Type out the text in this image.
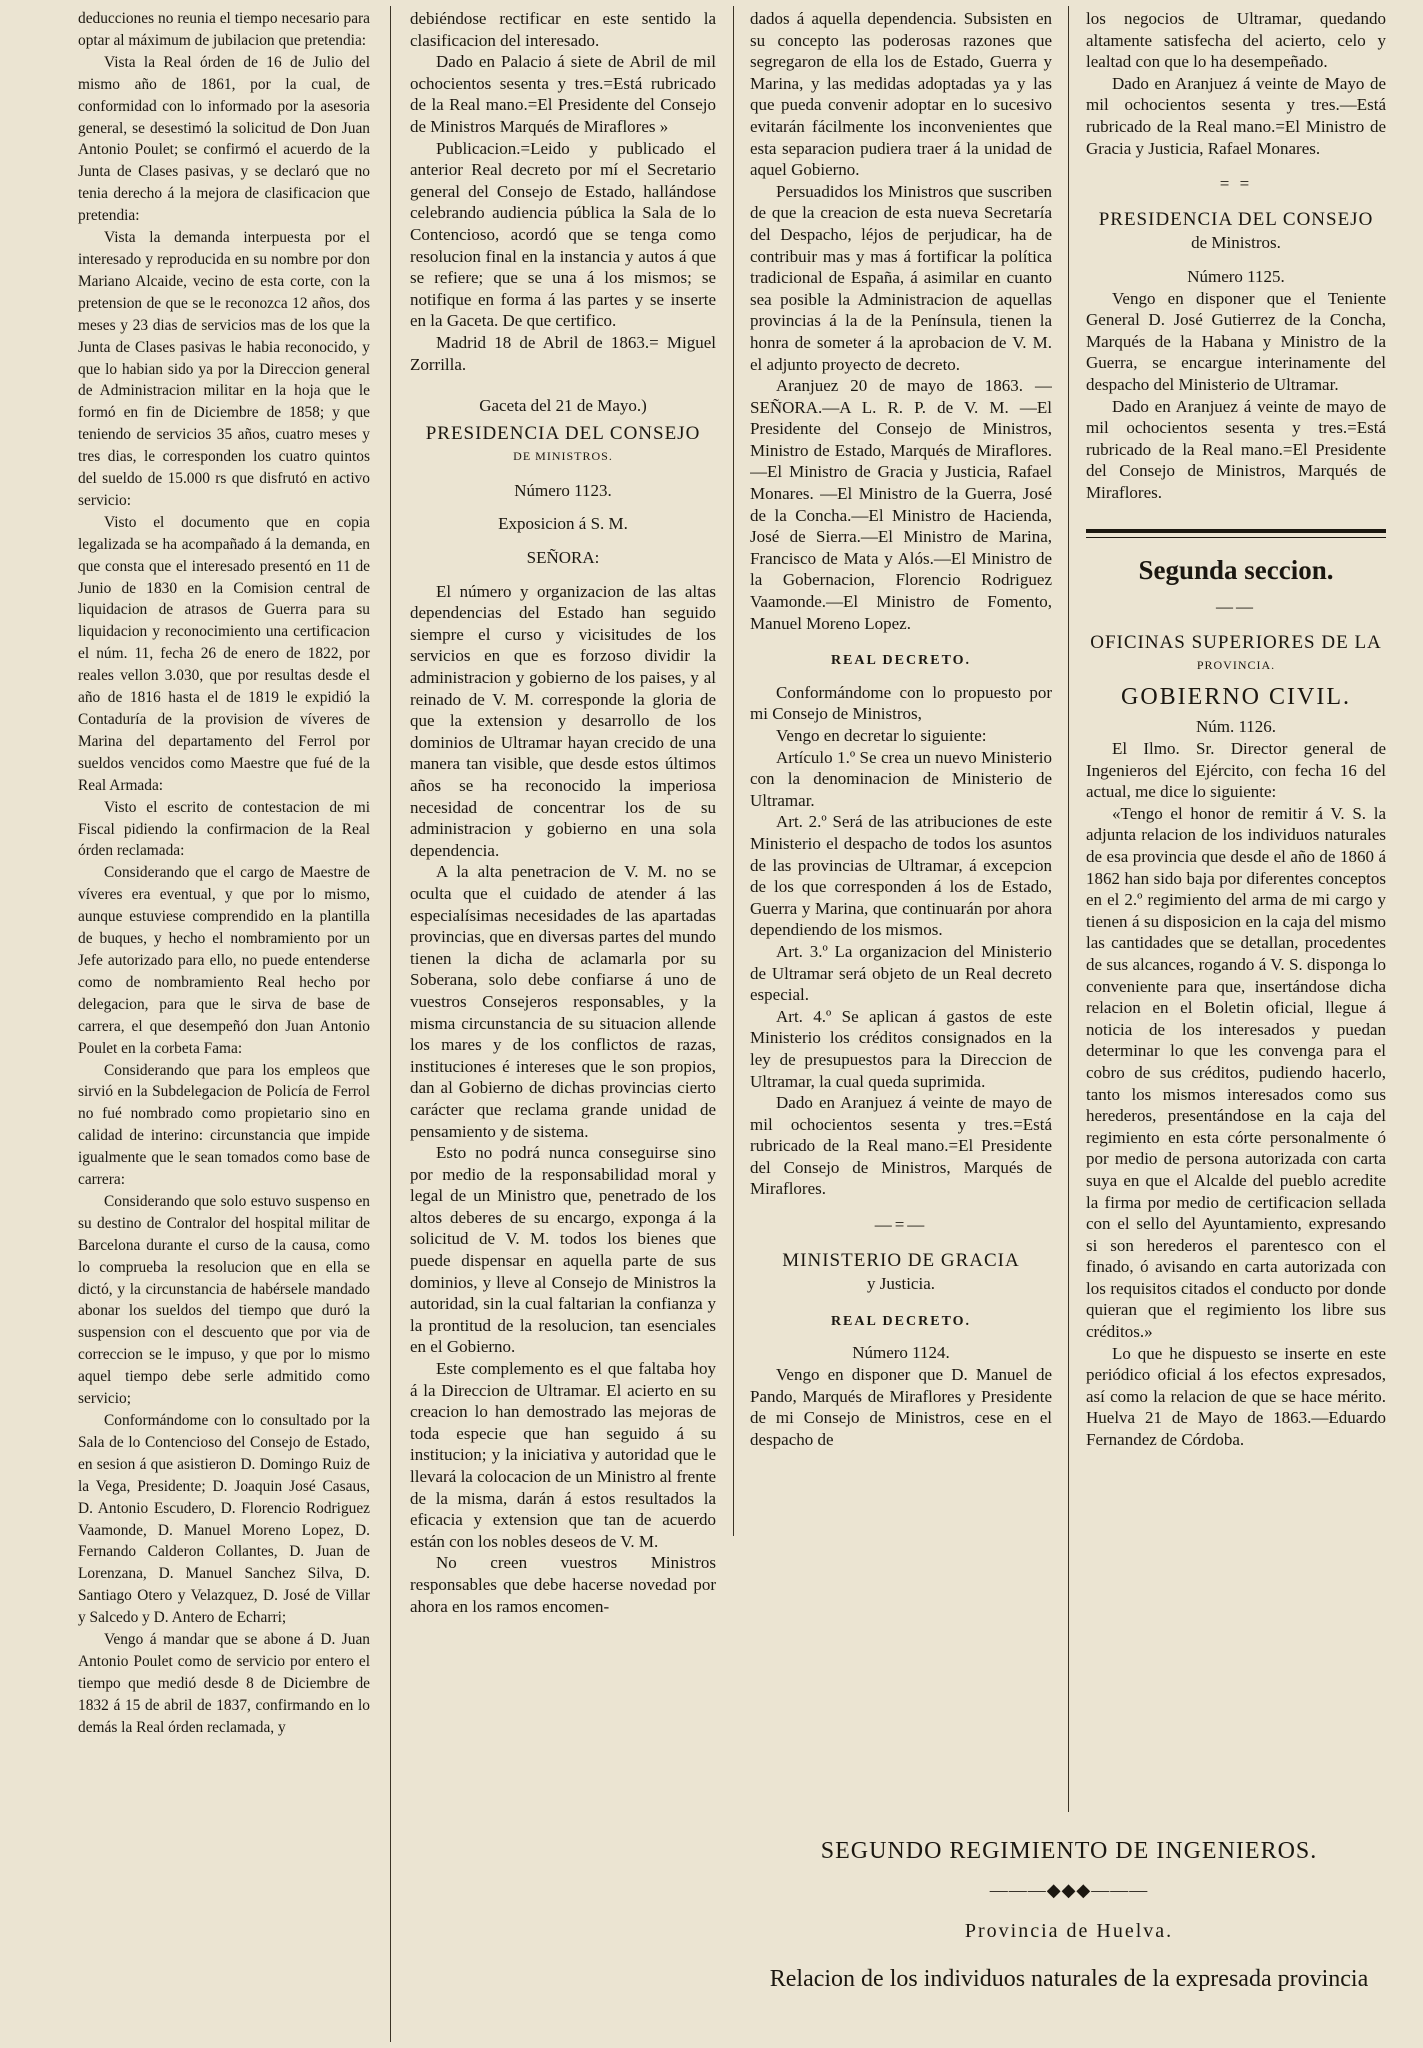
deducciones no reunia el tiempo necesario para optar al máximum de jubilacion que pretendia:

Vista la Real órden de 16 de Julio del mismo año de 1861, por la cual, de conformidad con lo informado por la asesoria general, se desestimó la solicitud de Don Juan Antonio Poulet; se confirmó el acuerdo de la Junta de Clases pasivas, y se declaró que no tenia derecho á la mejora de clasificacion que pretendia:

Vista la demanda interpuesta por el interesado y reproducida en su nombre por don Mariano Alcaide, vecino de esta corte, con la pretension de que se le reconozca 12 años, dos meses y 23 dias de servicios mas de los que la Junta de Clases pasivas le habia reconocido, y que lo habian sido ya por la Direccion general de Administracion militar en la hoja que le formó en fin de Diciembre de 1858; y que teniendo de servicios 35 años, cuatro meses y tres dias, le corresponden los cuatro quintos del sueldo de 15.000 rs que disfrutó en activo servicio:

Visto el documento que en copia legalizada se ha acompañado á la demanda, en que consta que el interesado presentó en 11 de Junio de 1830 en la Comision central de liquidacion de atrasos de Guerra para su liquidacion y reconocimiento una certificacion el núm. 11, fecha 26 de enero de 1822, por reales vellon 3.030, que por resultas desde el año de 1816 hasta el de 1819 le expidió la Contaduría de la provision de víveres de Marina del departamento del Ferrol por sueldos vencidos como Maestre que fué de la Real Armada:

Visto el escrito de contestacion de mi Fiscal pidiendo la confirmacion de la Real órden reclamada:

Considerando que el cargo de Maestre de víveres era eventual, y que por lo mismo, aunque estuviese comprendido en la plantilla de buques, y hecho el nombramiento por un Jefe autorizado para ello, no puede entenderse como de nombramiento Real hecho por delegacion, para que le sirva de base de carrera, el que desempeñó don Juan Antonio Poulet en la corbeta Fama:

Considerando que para los empleos que sirvió en la Subdelegacion de Policía de Ferrol no fué nombrado como propietario sino en calidad de interino: circunstancia que impide igualmente que le sean tomados como base de carrera:

Considerando que solo estuvo suspenso en su destino de Contralor del hospital militar de Barcelona durante el curso de la causa, como lo comprueba la resolucion que en ella se dictó, y la circunstancia de habérsele mandado abonar los sueldos del tiempo que duró la suspension con el descuento que por via de correccion se le impuso, y que por lo mismo aquel tiempo debe serle admitido como servicio;

Conformándome con lo consultado por la Sala de lo Contencioso del Consejo de Estado, en sesion á que asistieron D. Domingo Ruiz de la Vega, Presidente; D. Joaquin José Casaus, D. Antonio Escudero, D. Florencio Rodriguez Vaamonde, D. Manuel Moreno Lopez, D. Fernando Calderon Collantes, D. Juan de Lorenzana, D. Manuel Sanchez Silva, D. Santiago Otero y Velazquez, D. José de Villar y Salcedo y D. Antero de Echarri;

Vengo á mandar que se abone á D. Juan Antonio Poulet como de servicio por entero el tiempo que medió desde 8 de Diciembre de 1832 á 15 de abril de 1837, confirmando en lo demás la Real órden reclamada, y

debiéndose rectificar en este sentido la clasificacion del interesado.

Dado en Palacio á siete de Abril de mil ochocientos sesenta y tres.=Está rubricado de la Real mano.=El Presidente del Consejo de Ministros Marqués de Miraflores »

Publicacion.=Leido y publicado el anterior Real decreto por mí el Secretario general del Consejo de Estado, hallándose celebrando audiencia pública la Sala de lo Contencioso, acordó que se tenga como resolucion final en la instancia y autos á que se refiere; que se una á los mismos; se notifique en forma á las partes y se inserte en la Gaceta. De que certifico.

Madrid 18 de Abril de 1863.= Miguel Zorrilla.

Gaceta del 21 de Mayo.)

PRESIDENCIA DEL CONSEJO
DE MINISTROS.

Número 1123.

Exposicion á S. M.

SEÑORA:

El número y organizacion de las altas dependencias del Estado han seguido siempre el curso y vicisitudes de los servicios en que es forzoso dividir la administracion y gobierno de los paises, y al reinado de V. M. corresponde la gloria de que la extension y desarrollo de los dominios de Ultramar hayan crecido de una manera tan visible, que desde estos últimos años se ha reconocido la imperiosa necesidad de concentrar los de su administracion y gobierno en una sola dependencia.

A la alta penetracion de V. M. no se oculta que el cuidado de atender á las especialísimas necesidades de las apartadas provincias, que en diversas partes del mundo tienen la dicha de aclamarla por su Soberana, solo debe confiarse á uno de vuestros Consejeros responsables, y la misma circunstancia de su situacion allende los mares y de los conflictos de razas, instituciones é intereses que le son propios, dan al Gobierno de dichas provincias cierto carácter que reclama grande unidad de pensamiento y de sistema.

Esto no podrá nunca conseguirse sino por medio de la responsabilidad moral y legal de un Ministro que, penetrado de los altos deberes de su encargo, exponga á la solicitud de V. M. todos los bienes que puede dispensar en aquella parte de sus dominios, y lleve al Consejo de Ministros la autoridad, sin la cual faltarian la confianza y la prontitud de la resolucion, tan esenciales en el Gobierno.

Este complemento es el que faltaba hoy á la Direccion de Ultramar. El acierto en su creacion lo han demostrado las mejoras de toda especie que han seguido á su institucion; y la iniciativa y autoridad que le llevará la colocacion de un Ministro al frente de la misma, darán á estos resultados la eficacia y extension que tan de acuerdo están con los nobles deseos de V. M.

No creen vuestros Ministros responsables que debe hacerse novedad por ahora en los ramos encomen-

dados á aquella dependencia. Subsisten en su concepto las poderosas razones que segregaron de ella los de Estado, Guerra y Marina, y las medidas adoptadas ya y las que pueda convenir adoptar en lo sucesivo evitarán fácilmente los inconvenientes que esta separacion pudiera traer á la unidad de aquel Gobierno.

Persuadidos los Ministros que suscriben de que la creacion de esta nueva Secretaría del Despacho, léjos de perjudicar, ha de contribuir mas y mas á fortificar la política tradicional de España, á asimilar en cuanto sea posible la Administracion de aquellas provincias á la de la Península, tienen la honra de someter á la aprobacion de V. M. el adjunto proyecto de decreto.

Aranjuez 20 de mayo de 1863. —SEÑORA.—A L. R. P. de V. M. —El Presidente del Consejo de Ministros, Ministro de Estado, Marqués de Miraflores.—El Ministro de Gracia y Justicia, Rafael Monares. —El Ministro de la Guerra, José de la Concha.—El Ministro de Hacienda, José de Sierra.—El Ministro de Marina, Francisco de Mata y Alós.—El Ministro de la Gobernacion, Florencio Rodriguez Vaamonde.—El Ministro de Fomento, Manuel Moreno Lopez.

REAL DECRETO.

Conformándome con lo propuesto por mi Consejo de Ministros,

Vengo en decretar lo siguiente:

Artículo 1.º Se crea un nuevo Ministerio con la denominacion de Ministerio de Ultramar.

Art. 2.º Será de las atribuciones de este Ministerio el despacho de todos los asuntos de las provincias de Ultramar, á excepcion de los que corresponden á los de Estado, Guerra y Marina, que continuarán por ahora dependiendo de los mismos.

Art. 3.º La organizacion del Ministerio de Ultramar será objeto de un Real decreto especial.

Art. 4.º Se aplican á gastos de este Ministerio los créditos consignados en la ley de presupuestos para la Direccion de Ultramar, la cual queda suprimida.

Dado en Aranjuez á veinte de mayo de mil ochocientos sesenta y tres.=Está rubricado de la Real mano.=El Presidente del Consejo de Ministros, Marqués de Miraflores.

—=—
MINISTERIO DE GRACIA

y Justicia.

REAL DECRETO.

Número 1124.

Vengo en disponer que D. Manuel de Pando, Marqués de Miraflores y Presidente de mi Consejo de Ministros, cese en el despacho de

los negocios de Ultramar, quedando altamente satisfecha del acierto, celo y lealtad con que lo ha desempeñado.

Dado en Aranjuez á veinte de Mayo de mil ochocientos sesenta y tres.—Está rubricado de la Real mano.=El Ministro de Gracia y Justicia, Rafael Monares.

= =
PRESIDENCIA DEL CONSEJO

de Ministros.

Número 1125.

Vengo en disponer que el Teniente General D. José Gutierrez de la Concha, Marqués de la Habana y Ministro de la Guerra, se encargue interinamente del despacho del Ministerio de Ultramar.

Dado en Aranjuez á veinte de mayo de mil ochocientos sesenta y tres.=Está rubricado de la Real mano.=El Presidente del Consejo de Ministros, Marqués de Miraflores.

Segunda seccion.
——
OFICINAS SUPERIORES DE LA
PROVINCIA.
GOBIERNO CIVIL.

Núm. 1126.

El Ilmo. Sr. Director general de Ingenieros del Ejército, con fecha 16 del actual, me dice lo siguiente:

«Tengo el honor de remitir á V. S. la adjunta relacion de los individuos naturales de esa provincia que desde el año de 1860 á 1862 han sido baja por diferentes conceptos en el 2.º regimiento del arma de mi cargo y tienen á su disposicion en la caja del mismo las cantidades que se detallan, procedentes de sus alcances, rogando á V. S. disponga lo conveniente para que, insertándose dicha relacion en el Boletin oficial, llegue á noticia de los interesados y puedan determinar lo que les convenga para el cobro de sus créditos, pudiendo hacerlo, tanto los mismos interesados como sus herederos, presentándose en la caja del regimiento en esta córte personalmente ó por medio de persona autorizada con carta suya en que el Alcalde del pueblo acredite la firma por medio de certificacion sellada con el sello del Ayuntamiento, expresando si son herederos el parentesco con el finado, ó avisando en carta autorizada con los requisitos citados el conducto por donde quieran que el regimiento los libre sus créditos.»

Lo que he dispuesto se inserte en este periódico oficial á los efectos expresados, así como la relacion de que se hace mérito. Huelva 21 de Mayo de 1863.—Eduardo Fernandez de Córdoba.

SEGUNDO REGIMIENTO DE INGENIEROS.
———◆◆◆———
Provincia de Huelva.
Relacion de los individuos naturales de la expresada provincia
